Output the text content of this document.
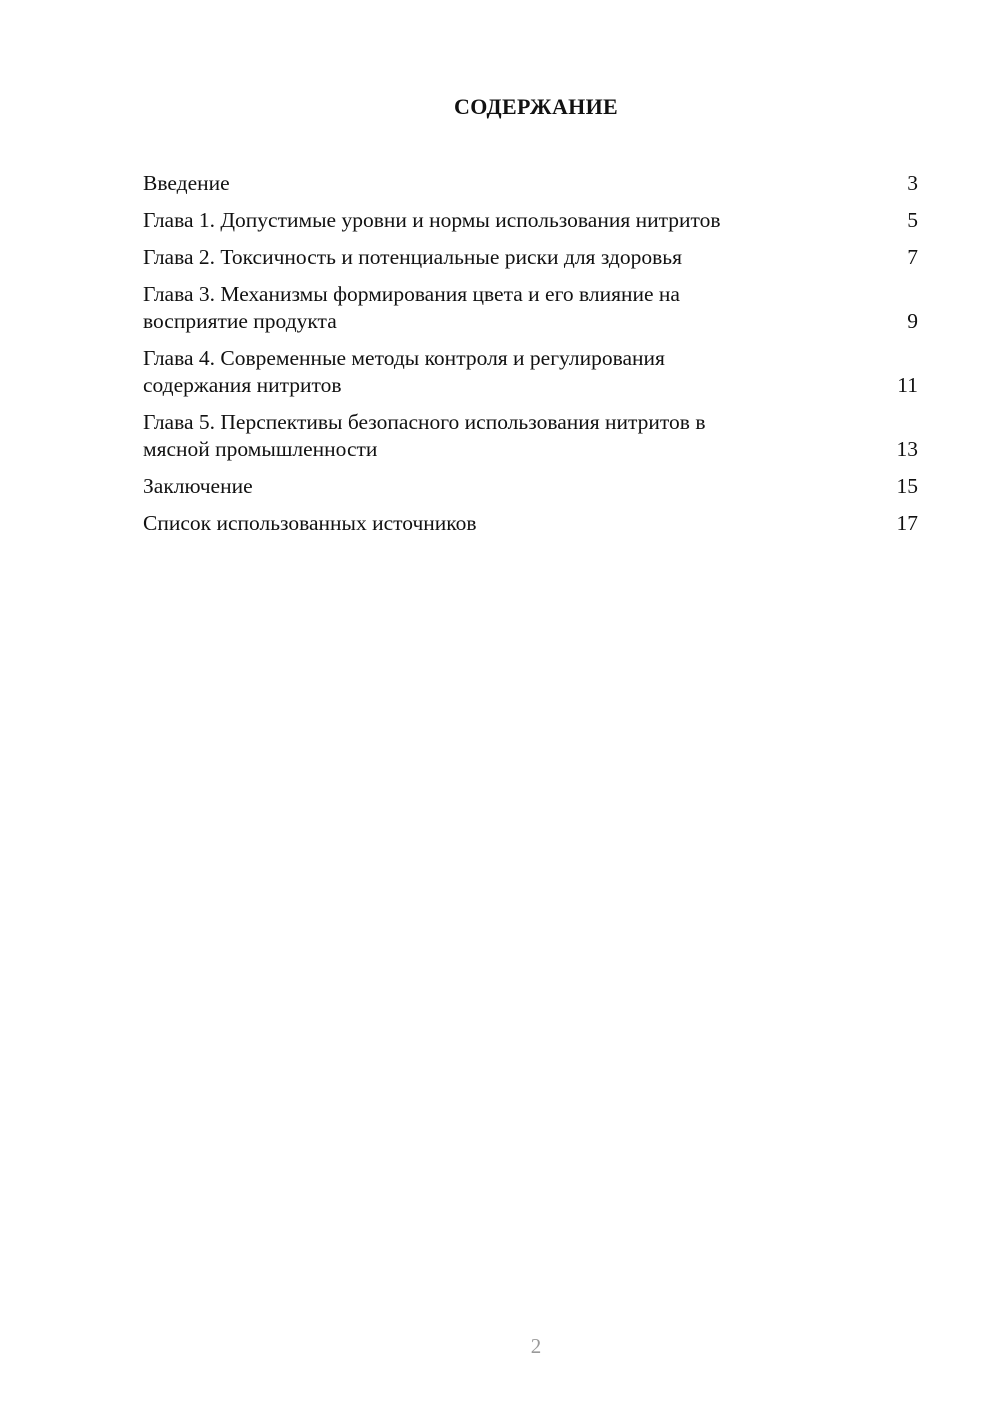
СОДЕРЖАНИЕ
Введение	3
Глава 1. Допустимые уровни и нормы использования нитритов	5
Глава 2. Токсичность и потенциальные риски для здоровья	7
Глава 3. Механизмы формирования цвета и его влияние на
восприятие продукта	9
Глава 4. Современные методы контроля и регулирования
содержания нитритов	11
Глава 5. Перспективы безопасного использования нитритов в
мясной промышленности	13
Заключение	15
Список использованных источников	17
2
